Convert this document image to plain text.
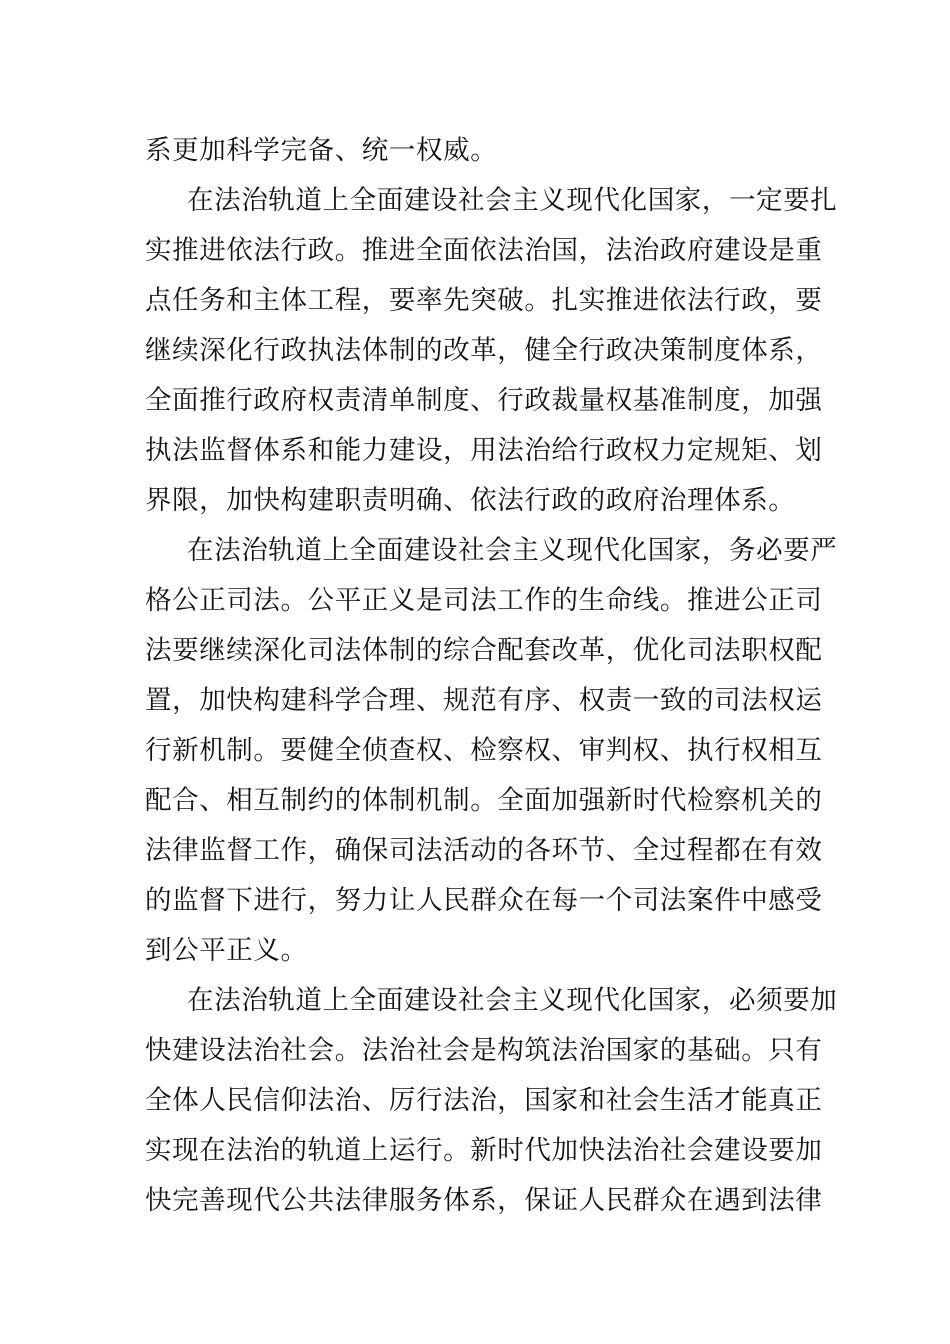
系更加科学完备、统一权威。
在法治轨道上全面建设社会主义现代化国家，一定要扎
实推进依法行政。推进全面依法治国，法治政府建设是重
点任务和主体工程，要率先突破。扎实推进依法行政，要
继续深化行政执法体制的改革，健全行政决策制度体系，
全面推行政府权责清单制度、行政裁量权基准制度，加强
执法监督体系和能力建设，用法治给行政权力定规矩、划
界限，加快构建职责明确、依法行政的政府治理体系。
在法治轨道上全面建设社会主义现代化国家，务必要严
格公正司法。公平正义是司法工作的生命线。推进公正司
法要继续深化司法体制的综合配套改革，优化司法职权配
置，加快构建科学合理、规范有序、权责一致的司法权运
行新机制。要健全侦查权、检察权、审判权、执行权相互
配合、相互制约的体制机制。全面加强新时代检察机关的
法律监督工作，确保司法活动的各环节、全过程都在有效
的监督下进行，努力让人民群众在每一个司法案件中感受
到公平正义。
在法治轨道上全面建设社会主义现代化国家，必须要加
快建设法治社会。法治社会是构筑法治国家的基础。只有
全体人民信仰法治、厉行法治，国家和社会生活才能真正
实现在法治的轨道上运行。新时代加快法治社会建设要加
快完善现代公共法律服务体系，保证人民群众在遇到法律
